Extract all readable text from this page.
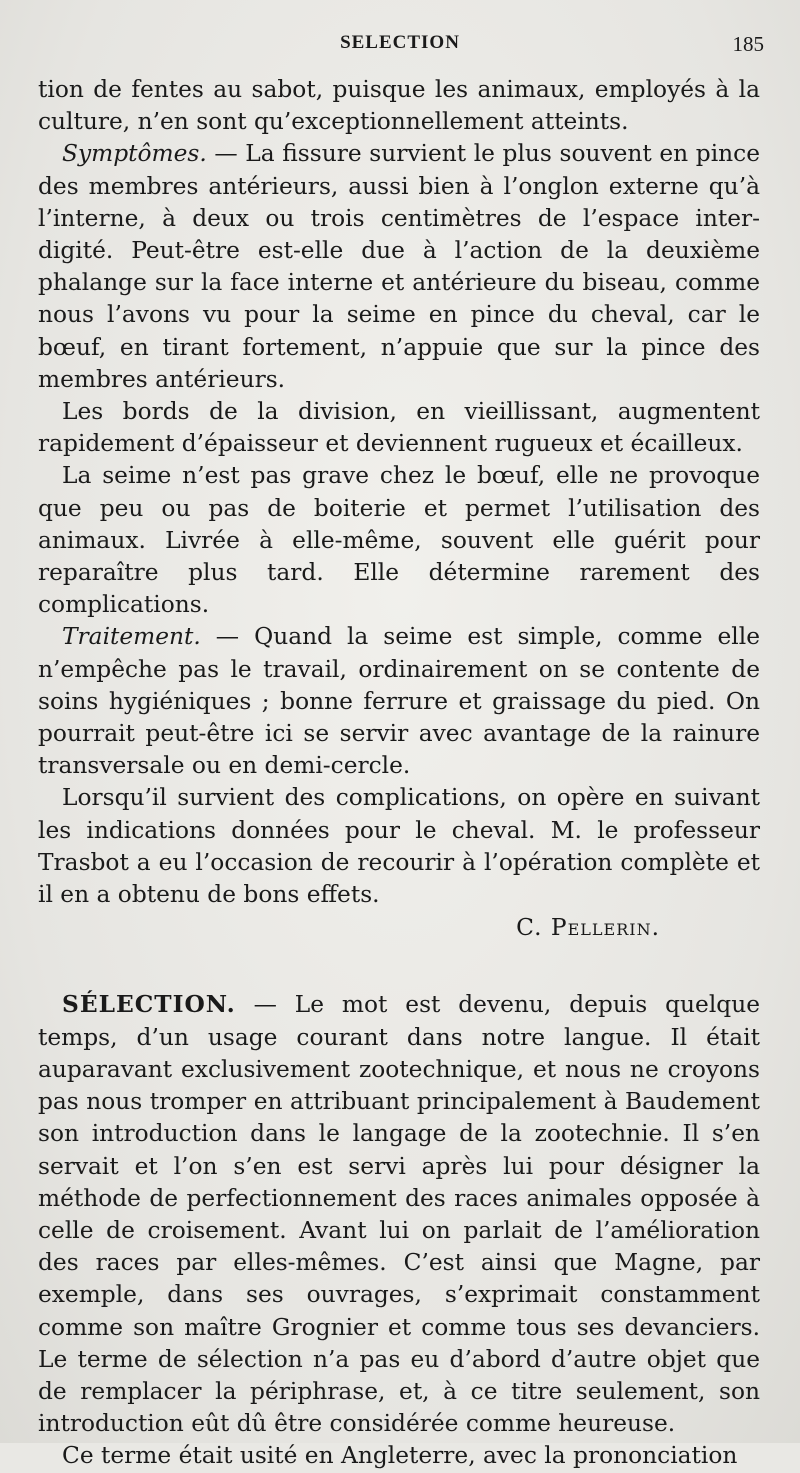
SELECTION	185

tion de fentes au sabot, puisque les animaux, employés à la culture, n’en sont qu’exceptionnellement atteints.

Symptômes. — La fissure survient le plus souvent en pince des membres antérieurs, aussi bien à l’onglon externe qu’à l’interne, à deux ou trois centimètres de l’espace inter-digité. Peut-être est-elle due à l’action de la deuxième phalange sur la face interne et antérieure du biseau, comme nous l’avons vu pour la seime en pince du cheval, car le bœuf, en tirant fortement, n’appuie que sur la pince des membres antérieurs.

Les bords de la division, en vieillissant, augmentent rapidement d’épaisseur et deviennent rugueux et écailleux.

La seime n’est pas grave chez le bœuf, elle ne provoque que peu ou pas de boiterie et permet l’utilisation des animaux. Livrée à elle-même, souvent elle guérit pour reparaître plus tard. Elle détermine rarement des complications.

Traitement. — Quand la seime est simple, comme elle n’empêche pas le travail, ordinairement on se contente de soins hygiéniques ; bonne ferrure et graissage du pied. On pourrait peut-être ici se servir avec avantage de la rainure transversale ou en demi-cercle.

Lorsqu’il survient des complications, on opère en suivant les indications données pour le cheval. M. le professeur Trasbot a eu l’occasion de recourir à l’opération complète et il en a obtenu de bons effets.

C. Pellerin.

SÉLECTION. — Le mot est devenu, depuis quelque temps, d’un usage courant dans notre langue. Il était auparavant exclusivement zootechnique, et nous ne croyons pas nous tromper en attribuant principalement à Baudement son introduction dans le langage de la zootechnie. Il s’en servait et l’on s’en est servi après lui pour désigner la méthode de perfectionnement des races animales opposée à celle de croisement. Avant lui on parlait de l’amélioration des races par elles-mêmes. C’est ainsi que Magne, par exemple, dans ses ouvrages, s’exprimait constamment comme son maître Grognier et comme tous ses devanciers. Le terme de sélection n’a pas eu d’abord d’autre objet que de remplacer la périphrase, et, à ce titre seulement, son introduction eût dû être considérée comme heureuse.

Ce terme était usité en Angleterre, avec la prononciation
